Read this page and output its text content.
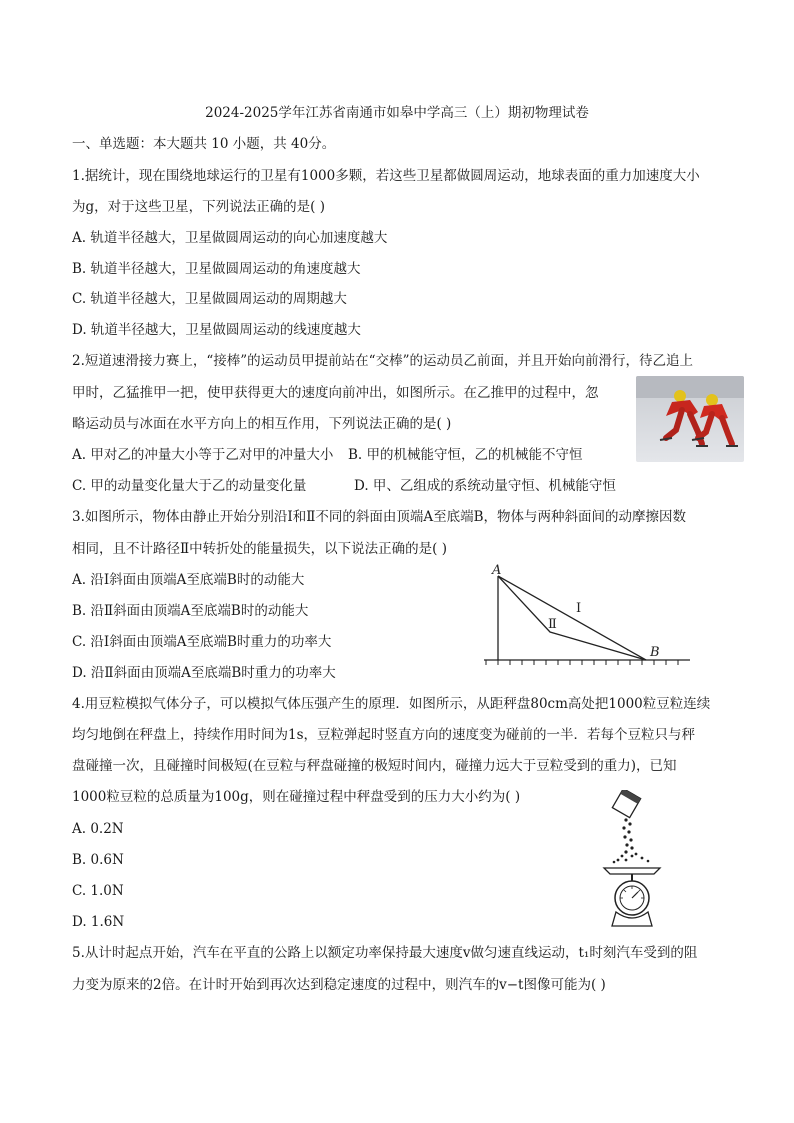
2024-2025学年江苏省南通市如皋中学高三（上）期初物理试卷
一、单选题：本大题共 10 小题，共 40分。
1.据统计，现在围绕地球运行的卫星有1000多颗，若这些卫星都做圆周运动，地球表面的重力加速度大小
为g，对于这些卫星，下列说法正确的是( )
A. 轨道半径越大，卫星做圆周运动的向心加速度越大
B. 轨道半径越大，卫星做圆周运动的角速度越大
C. 轨道半径越大，卫星做圆周运动的周期越大
D. 轨道半径越大，卫星做圆周运动的线速度越大
2.短道速滑接力赛上，“接棒”的运动员甲提前站在“交棒”的运动员乙前面，并且开始向前滑行，待乙追上
甲时，乙猛推甲一把，使甲获得更大的速度向前冲出，如图所示。在乙推甲的过程中，忽
略运动员与冰面在水平方向上的相互作用，下列说法正确的是( )
A. 甲对乙的冲量大小等于乙对甲的冲量大小 B. 甲的机械能守恒，乙的机械能不守恒
C. 甲的动量变化量大于乙的动量变化量	D. 甲、乙组成的系统动量守恒、机械能守恒
3.如图所示，物体由静止开始分别沿Ⅰ和Ⅱ不同的斜面由顶端A至底端B，物体与两种斜面间的动摩擦因数
相同，且不计路径Ⅱ中转折处的能量损失，以下说法正确的是( )
A. 沿Ⅰ斜面由顶端A至底端B时的动能大
B. 沿Ⅱ斜面由顶端A至底端B时的动能大
C. 沿Ⅰ斜面由顶端A至底端B时重力的功率大
D. 沿Ⅱ斜面由顶端A至底端B时重力的功率大
A
B
Ⅰ
Ⅱ
4.用豆粒模拟气体分子，可以模拟气体压强产生的原理．如图所示，从距秤盘80cm高处把1000粒豆粒连续
均匀地倒在秤盘上，持续作用时间为1s，豆粒弹起时竖直方向的速度变为碰前的一半．若每个豆粒只与秤
盘碰撞一次，且碰撞时间极短(在豆粒与秤盘碰撞的极短时间内，碰撞力远大于豆粒受到的重力)，已知
1000粒豆粒的总质量为100g，则在碰撞过程中秤盘受到的压力大小约为( )
A. 0.2N
B. 0.6N
C. 1.0N
D. 1.6N
5.从计时起点开始，汽车在平直的公路上以额定功率保持最大速度v做匀速直线运动，t₁时刻汽车受到的阻
力变为原来的2倍。在计时开始到再次达到稳定速度的过程中，则汽车的v−t图像可能为( )
